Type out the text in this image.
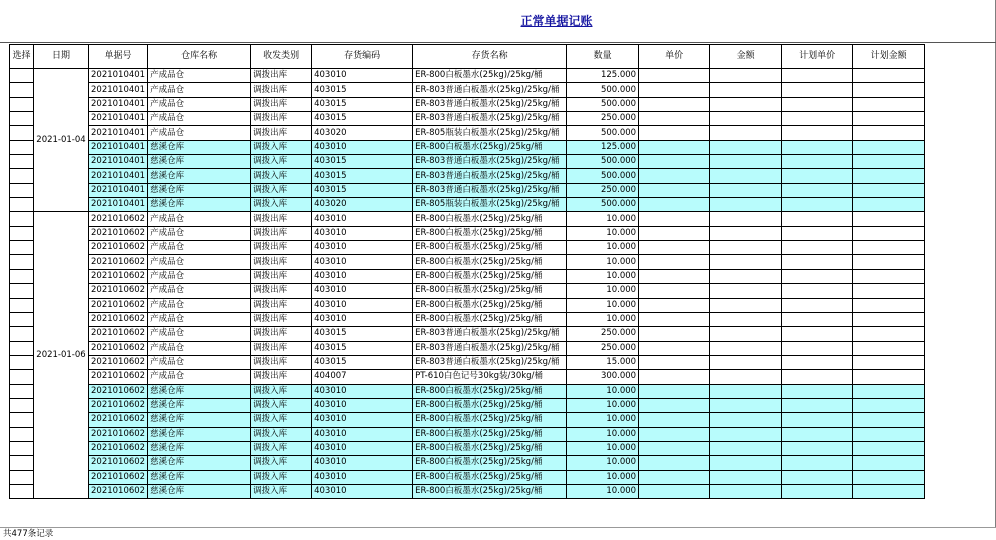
正常单据记账
选择	日期	单据号	仓库名称	收发类别	存货编码	存货名称	数量	单价	金额	计划单价	计划金额
	2021-01-04	2021010401	产成品仓	调拨出库	403010	ER-800白板墨水(25kg)/25kg/桶	125.000				
		2021010401	产成品仓	调拨出库	403015	ER-803普通白板墨水(25kg)/25kg/桶	500.000				
		2021010401	产成品仓	调拨出库	403015	ER-803普通白板墨水(25kg)/25kg/桶	500.000				
		2021010401	产成品仓	调拨出库	403015	ER-803普通白板墨水(25kg)/25kg/桶	250.000				
		2021010401	产成品仓	调拨出库	403020	ER-805瓶装白板墨水(25kg)/25kg/桶	500.000				
		2021010401	慈溪仓库	调拨入库	403010	ER-800白板墨水(25kg)/25kg/桶	125.000				
		2021010401	慈溪仓库	调拨入库	403015	ER-803普通白板墨水(25kg)/25kg/桶	500.000				
		2021010401	慈溪仓库	调拨入库	403015	ER-803普通白板墨水(25kg)/25kg/桶	500.000				
		2021010401	慈溪仓库	调拨入库	403015	ER-803普通白板墨水(25kg)/25kg/桶	250.000				
		2021010401	慈溪仓库	调拨入库	403020	ER-805瓶装白板墨水(25kg)/25kg/桶	500.000				
	2021-01-06	2021010602	产成品仓	调拨出库	403010	ER-800白板墨水(25kg)/25kg/桶	10.000				
		2021010602	产成品仓	调拨出库	403010	ER-800白板墨水(25kg)/25kg/桶	10.000				
		2021010602	产成品仓	调拨出库	403010	ER-800白板墨水(25kg)/25kg/桶	10.000				
		2021010602	产成品仓	调拨出库	403010	ER-800白板墨水(25kg)/25kg/桶	10.000				
		2021010602	产成品仓	调拨出库	403010	ER-800白板墨水(25kg)/25kg/桶	10.000				
		2021010602	产成品仓	调拨出库	403010	ER-800白板墨水(25kg)/25kg/桶	10.000				
		2021010602	产成品仓	调拨出库	403010	ER-800白板墨水(25kg)/25kg/桶	10.000				
		2021010602	产成品仓	调拨出库	403010	ER-800白板墨水(25kg)/25kg/桶	10.000				
		2021010602	产成品仓	调拨出库	403015	ER-803普通白板墨水(25kg)/25kg/桶	250.000				
		2021010602	产成品仓	调拨出库	403015	ER-803普通白板墨水(25kg)/25kg/桶	250.000				
		2021010602	产成品仓	调拨出库	403015	ER-803普通白板墨水(25kg)/25kg/桶	15.000				
		2021010602	产成品仓	调拨出库	404007	PT-610白色记号30kg装/30kg/桶	300.000				
		2021010602	慈溪仓库	调拨入库	403010	ER-800白板墨水(25kg)/25kg/桶	10.000				
		2021010602	慈溪仓库	调拨入库	403010	ER-800白板墨水(25kg)/25kg/桶	10.000				
		2021010602	慈溪仓库	调拨入库	403010	ER-800白板墨水(25kg)/25kg/桶	10.000				
		2021010602	慈溪仓库	调拨入库	403010	ER-800白板墨水(25kg)/25kg/桶	10.000				
		2021010602	慈溪仓库	调拨入库	403010	ER-800白板墨水(25kg)/25kg/桶	10.000				
		2021010602	慈溪仓库	调拨入库	403010	ER-800白板墨水(25kg)/25kg/桶	10.000				
		2021010602	慈溪仓库	调拨入库	403010	ER-800白板墨水(25kg)/25kg/桶	10.000				
		2021010602	慈溪仓库	调拨入库	403010	ER-800白板墨水(25kg)/25kg/桶	10.000				
共477条记录
